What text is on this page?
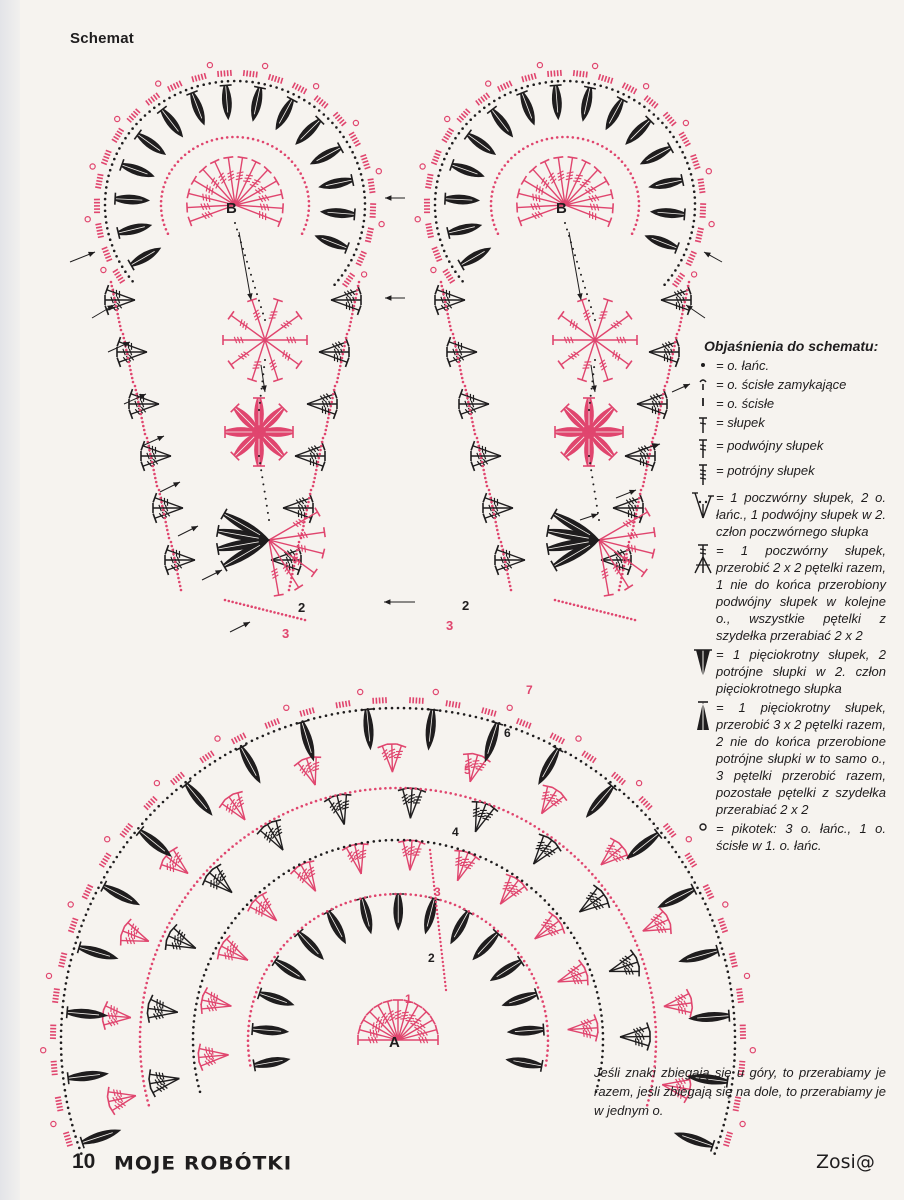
Schemat
B	B
A
2
3
2
3
1
2
3
4
5
6
7
Objaśnienia do schematu:
= o. łańc.
= o. ścisłe zamykające
= o. ścisłe
= słupek
= podwójny słupek
= potrójny słupek
= 1 poczwórny słupek, 2 o. łańc., 1 podwójny słupek w 2. człon poczwórnego słupka
= 1 poczwórny słupek, przerobić 2 x 2 pętelki razem, 1 nie do końca przerobiony podwójny słupek w kolejne o., wszystkie pętelki z szydełka przerabiać 2 x 2
= 1 pięciokrotny słupek, 2 potrójne słupki w 2. człon pięciokrotnego słupka
= 1 pięciokrotny słupek, przerobić 3 x 2 pętelki razem, 2 nie do końca przerobione potrójne słupki w to samo o., 3 pętelki przerobić razem, pozostałe pętelki z szydełka przerabiać 2 x 2
= pikotek: 3 o. łańc., 1 o. ścisłe w 1. o. łańc.
Jeśli znaki zbiegają się u góry, to przerabiamy je razem, jeśli zbiegają się na dole, to przerabiamy je w jednym o.
10 MOJE ROBÓTKI	Zosi@
